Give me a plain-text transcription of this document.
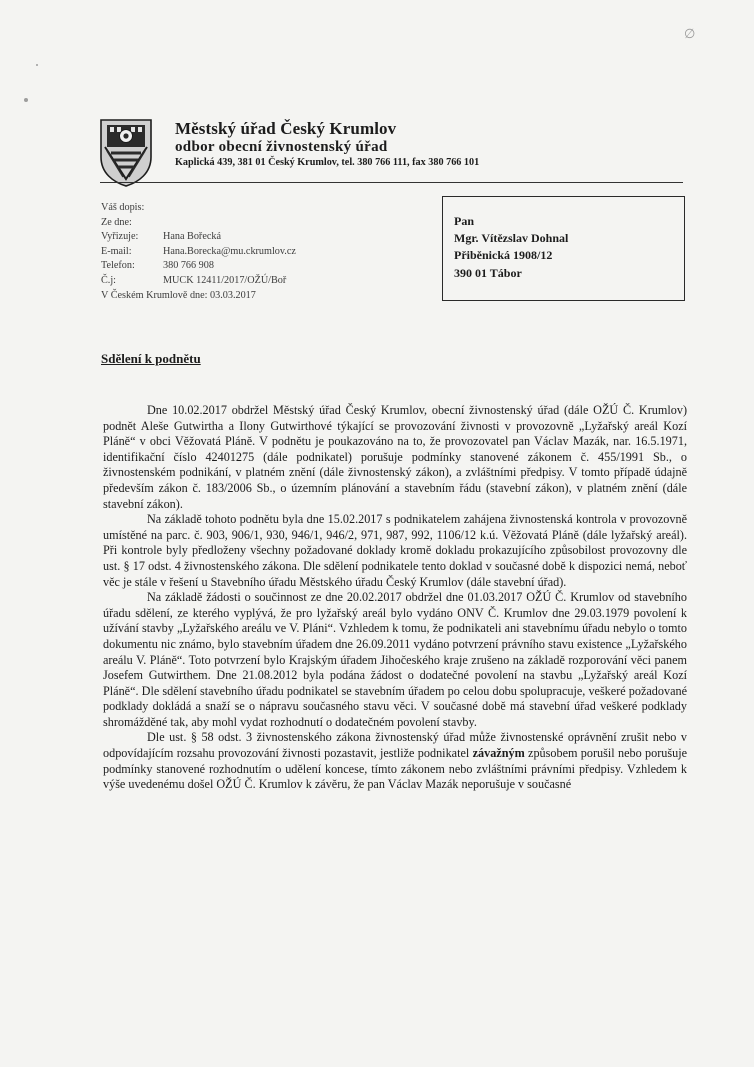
∅
Městský úřad Český Krumlov
odbor obecní živnostenský úřad
Kaplická 439, 381 01 Český Krumlov, tel. 380 766 111, fax 380 766 101
Váš dopis:
Ze dne:
Vyřizuje:	Hana Bořecká
E-mail:	Hana.Borecka@mu.ckrumlov.cz
Telefon:	380 766 908
Č.j:	MUCK 12411/2017/OŽÚ/Boř
V Českém Krumlově dne: 03.03.2017
Pan
Mgr. Vítězslav Dohnal
Přiběnická 1908/12
390 01 Tábor
Sdělení k podnětu

Dne 10.02.2017 obdržel Městský úřad Český Krumlov, obecní živnostenský úřad (dále OŽÚ Č. Krumlov) podnět Aleše Gutwirtha a Ilony Gutwirthové týkající se provozování živnosti v provozovně „Lyžařský areál Kozí Pláně“ v obci Věžovatá Pláně. V podnětu je poukazováno na to, že provozovatel pan Václav Mazák, nar. 16.5.1971, identifikační číslo 42401275 (dále podnikatel) porušuje podmínky stanovené zákonem č. 455/1991 Sb., o živnostenském podnikání, v platném znění (dále živnostenský zákon), a zvláštními předpisy. V tomto případě údajně především zákon č. 183/2006 Sb., o územním plánování a stavebním řádu (stavební zákon), v platném znění (dále stavební zákon).

Na základě tohoto podnětu byla dne 15.02.2017 s podnikatelem zahájena živnostenská kontrola v provozovně umístěné na parc. č. 903, 906/1, 930, 946/1, 946/2, 971, 987, 992, 1106/12 k.ú. Věžovatá Pláně (dále lyžařský areál). Při kontrole byly předloženy všechny požadované doklady kromě dokladu prokazujícího způsobilost provozovny dle ust. § 17 odst. 4 živnostenského zákona. Dle sdělení podnikatele tento doklad v současné době k dispozici nemá, neboť věc je stále v řešení u Stavebního úřadu Městského úřadu Český Krumlov (dále stavební úřad).

Na základě žádosti o součinnost ze dne 20.02.2017 obdržel dne 01.03.2017 OŽÚ Č. Krumlov od stavebního úřadu sdělení, ze kterého vyplývá, že pro lyžařský areál bylo vydáno ONV Č. Krumlov dne 29.03.1979 povolení k užívání stavby „Lyžařského areálu ve V. Pláni“. Vzhledem k tomu, že podnikateli ani stavebnímu úřadu nebylo o tomto dokumentu nic známo, bylo stavebním úřadem dne 26.09.2011 vydáno potvrzení právního stavu existence „Lyžařského areálu V. Pláně“. Toto potvrzení bylo Krajským úřadem Jihočeského kraje zrušeno na základě rozporování věci panem Josefem Gutwirthem. Dne 21.08.2012 byla podána žádost o dodatečné povolení na stavbu „Lyžařský areál Kozí Pláně“. Dle sdělení stavebního úřadu podnikatel se stavebním úřadem po celou dobu spolupracuje, veškeré požadované podklady dokládá a snaží se o nápravu současného stavu věci. V současné době má stavební úřad veškeré podklady shromážděné tak, aby mohl vydat rozhodnutí o dodatečném povolení stavby.

Dle ust. § 58 odst. 3 živnostenského zákona živnostenský úřad může živnostenské oprávnění zrušit nebo v odpovídajícím rozsahu provozování živnosti pozastavit, jestliže podnikatel závažným způsobem porušil nebo porušuje podmínky stanovené rozhodnutím o udělení koncese, tímto zákonem nebo zvláštními právními předpisy. Vzhledem k výše uvedenému došel OŽÚ Č. Krumlov k závěru, že pan Václav Mazák neporušuje v současné
